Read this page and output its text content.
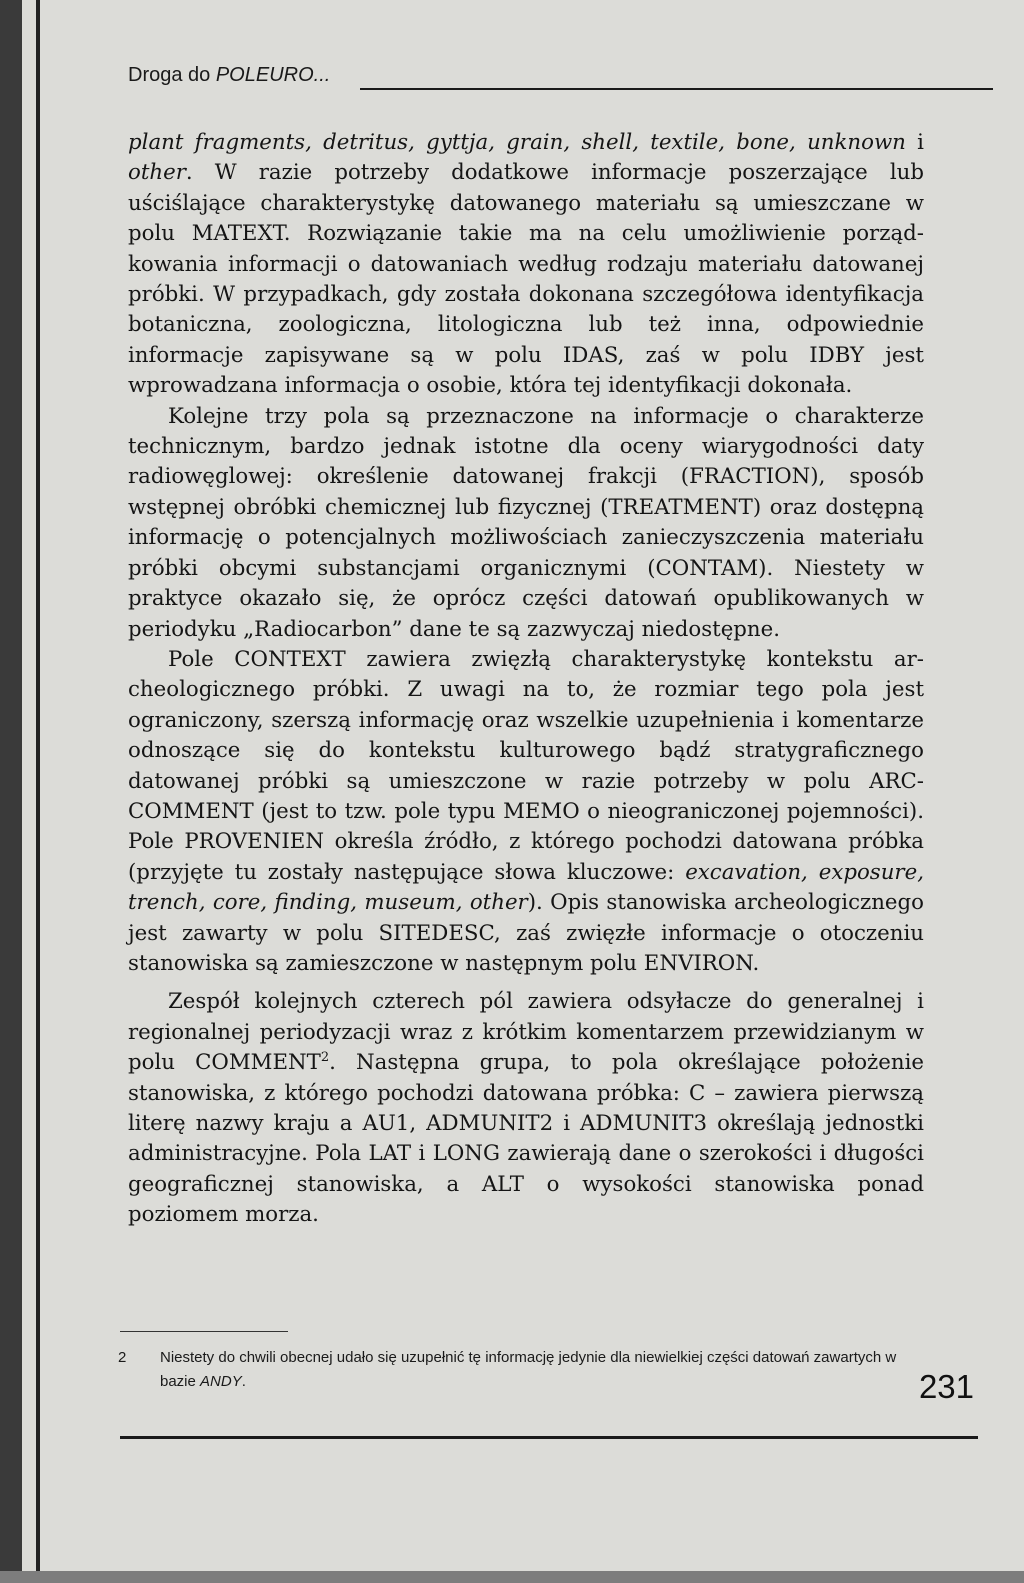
Droga do POLEURO...

plant fragments, detritus, gyttja, grain, shell, textile, bone, unknown i other. W razie potrzeby dodatkowe informacje poszerzające lub uściślające charakterystykę datowanego materiału są umieszczane w polu MATEXT. Rozwiązanie takie ma na celu umożliwienie porządkowania informacji o datowaniach według rodzaju materiału datowanej próbki. W przypadkach, gdy została dokonana szczegółowa identyfikacja botaniczna, zoologiczna, litologiczna lub też inna, odpowiednie informacje zapisywane są w polu IDAS, zaś w polu IDBY jest wprowadzana informacja o osobie, która tej identyfikacji dokonała.

Kolejne trzy pola są przeznaczone na informacje o charakterze technicznym, bardzo jednak istotne dla oceny wiarygodności daty radiowęglowej: określenie datowanej frakcji (FRACTION), sposób wstępnej obróbki chemicznej lub fizycznej (TREATMENT) oraz dostępną informację o potencjalnych możliwościach zanieczyszczenia materiału próbki obcymi substancjami organicznymi (CONTAM). Niestety w praktyce okazało się, że oprócz części datowań opublikowanych w periodyku „Radiocarbon” dane te są zazwyczaj niedostępne.

Pole CONTEXT zawiera zwięzłą charakterystykę kontekstu archeologicznego próbki. Z uwagi na to, że rozmiar tego pola jest ograniczony, szerszą informację oraz wszelkie uzupełnienia i komentarze odnoszące się do kontekstu kulturowego bądź stratygraficznego datowanej próbki są umieszczone w razie potrzeby w polu ARCCOMMENT (jest to tzw. pole typu MEMO o nieograniczonej pojemności). Pole PROVENIEN określa źródło, z którego pochodzi datowana próbka (przyjęte tu zostały następujące słowa kluczowe: excavation, exposure, trench, core, finding, museum, other). Opis stanowiska archeologicznego jest zawarty w polu SITEDESC, zaś zwięzłe informacje o otoczeniu stanowiska są zamieszczone w następnym polu ENVIRON.

Zespół kolejnych czterech pól zawiera odsyłacze do generalnej i regionalnej periodyzacji wraz z krótkim komentarzem przewidzianym w polu COMMENT$^2$. Następna grupa, to pola określające położenie stanowiska, z którego pochodzi datowana próbka: C – zawiera pierwszą literę nazwy kraju a AU1, ADMUNIT2 i ADMUNIT3 określają jednostki administracyjne. Pola LAT i LONG zawierają dane o szerokości i długości geograficznej stanowiska, a ALT o wysokości stanowiska ponad poziomem morza.

2 Niestety do chwili obecnej udało się uzupełnić tę informację jedynie dla niewielkiej części datowań zawartych w bazie ANDY.	231
